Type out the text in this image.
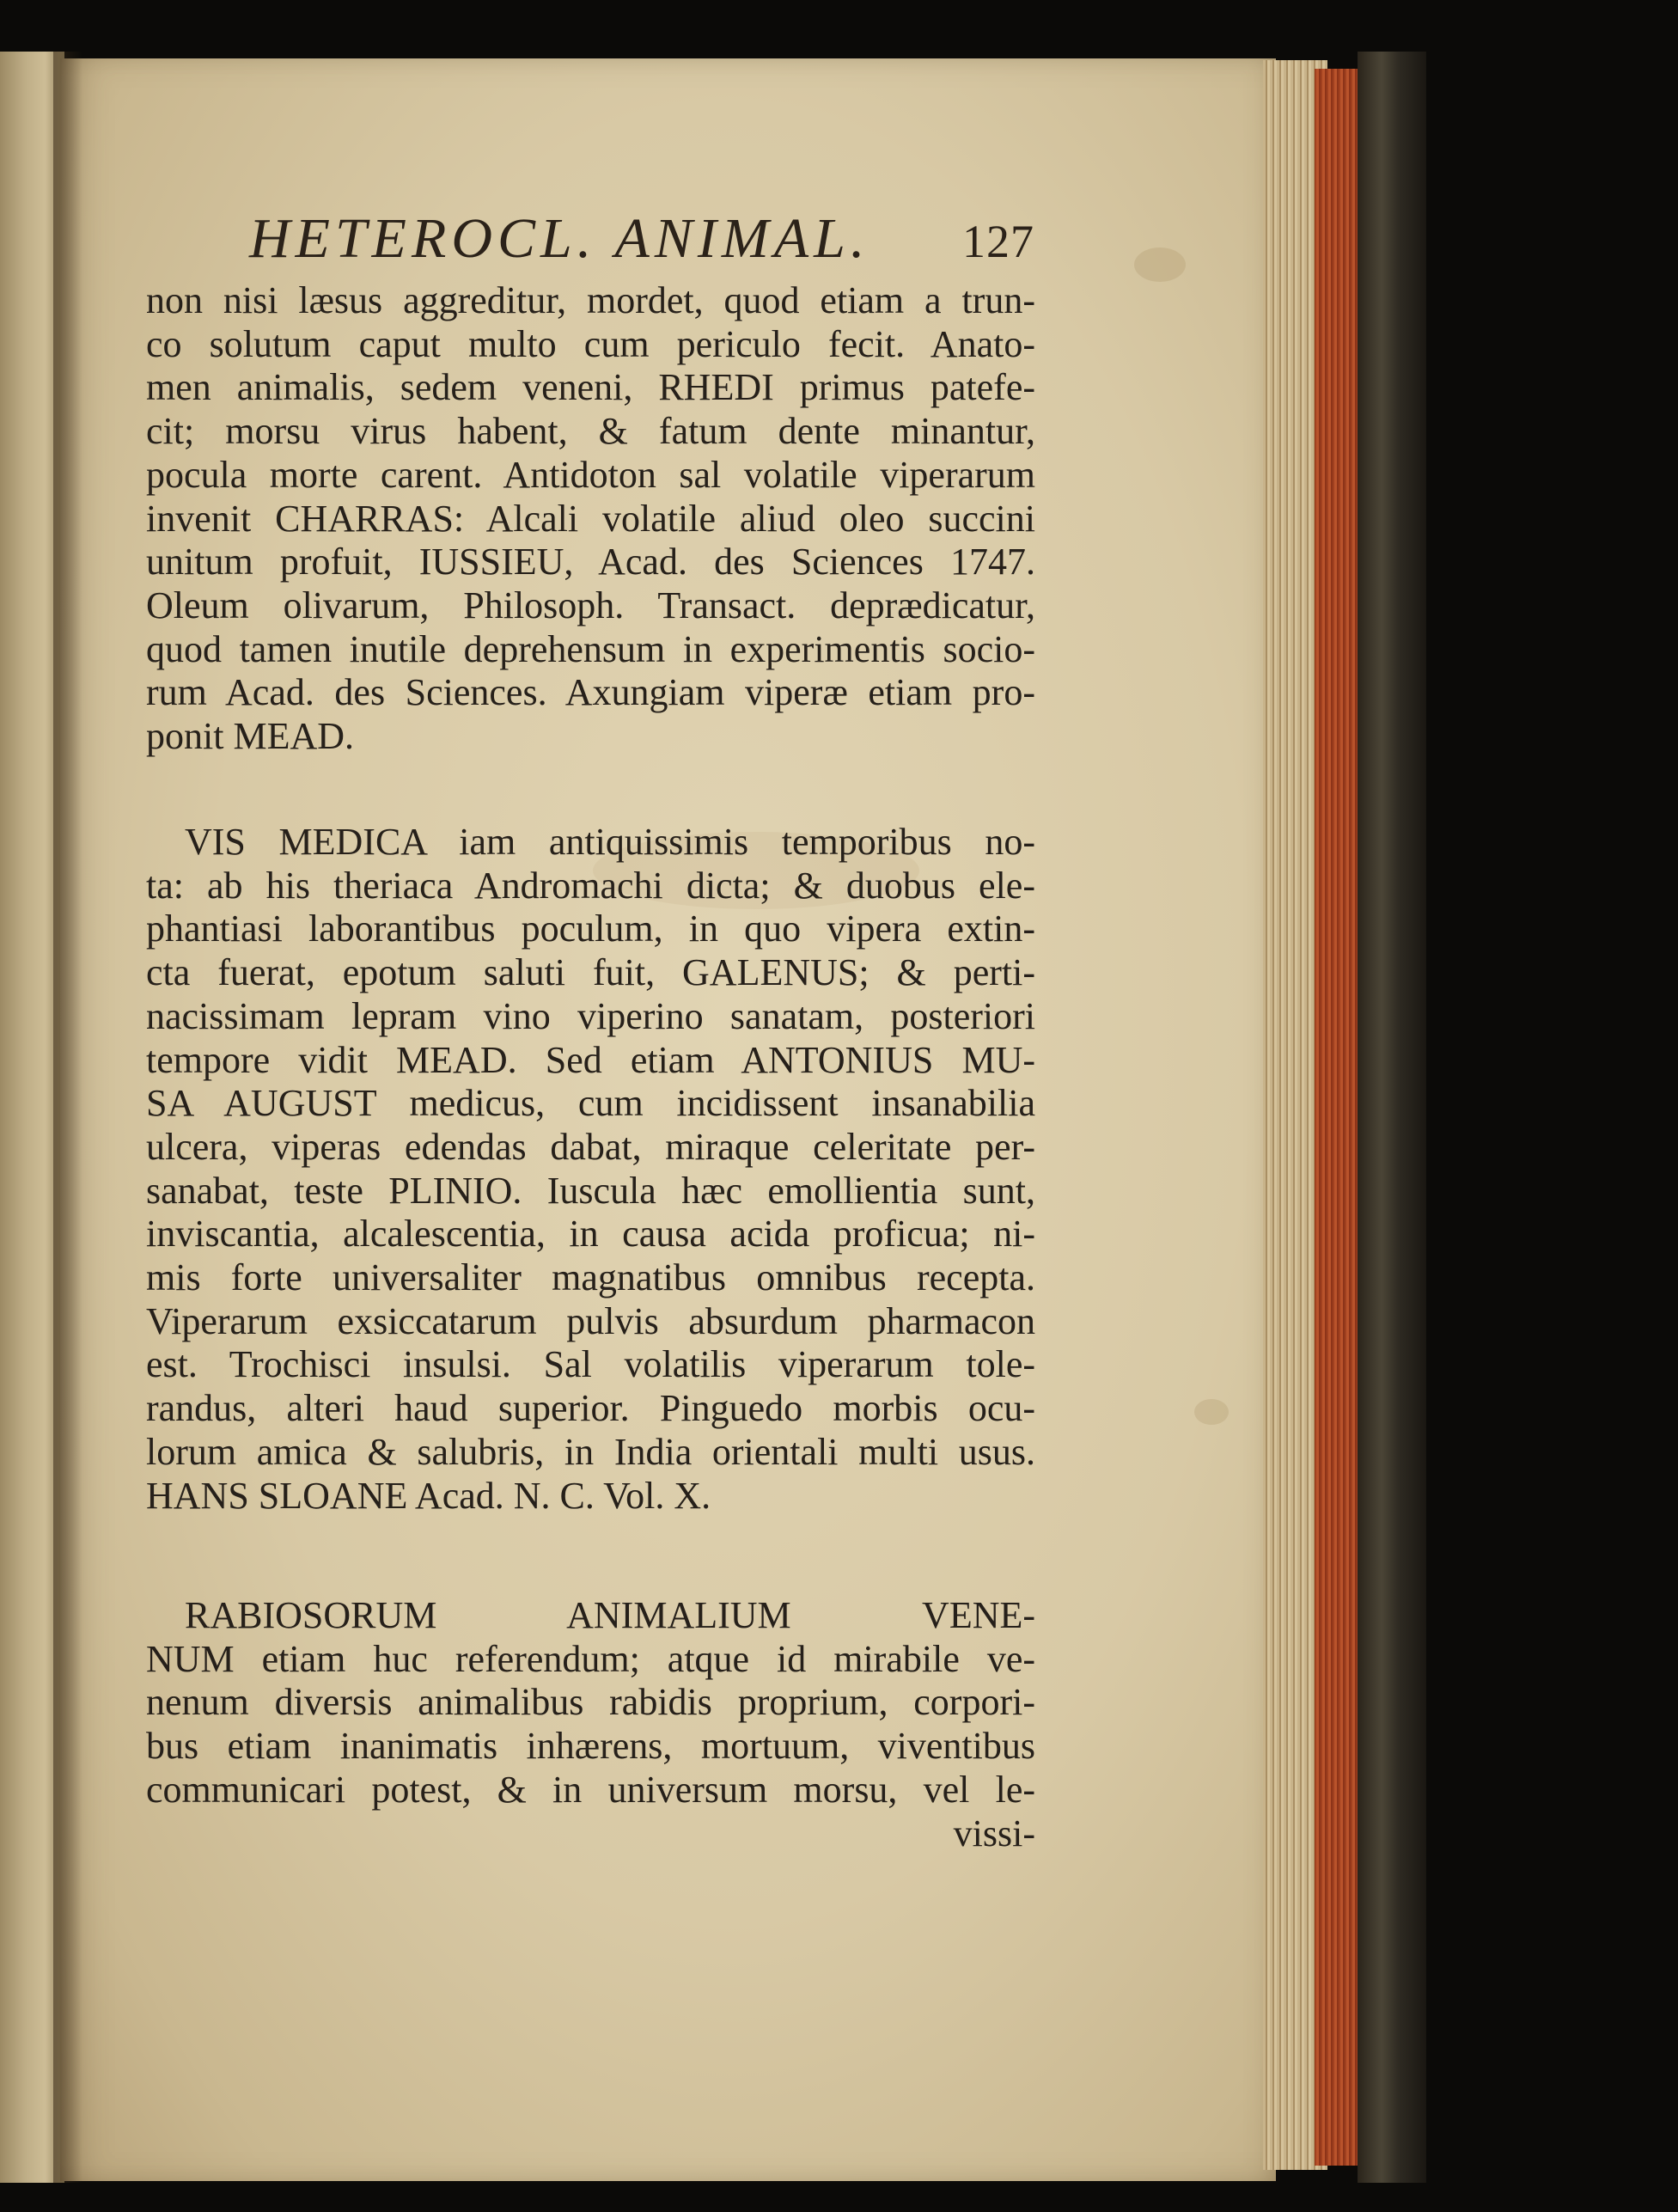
HETEROCL. ANIMAL.	127
non nisi læsus aggreditur, mordet, quod etiam a trun-
co solutum caput multo cum periculo fecit. Anato-
men animalis, sedem veneni, RHEDI primus patefe-
cit; morsu virus habent, & fatum dente minantur,
pocula morte carent. Antidoton sal volatile viperarum
invenit CHARRAS: Alcali volatile aliud oleo succini
unitum profuit, IUSSIEU, Acad. des Sciences 1747.
Oleum olivarum, Philosoph. Transact. deprædicatur,
quod tamen inutile deprehensum in experimentis socio-
rum Acad. des Sciences. Axungiam viperæ etiam pro-
ponit MEAD.
VIS MEDICA iam antiquissimis temporibus no-
ta: ab his theriaca Andromachi dicta; & duobus ele-
phantiasi laborantibus poculum, in quo vipera extin-
cta fuerat, epotum saluti fuit, GALENUS; & perti-
nacissimam lepram vino viperino sanatam, posteriori
tempore vidit MEAD. Sed etiam ANTONIUS MU-
SA AUGUST medicus, cum incidissent insanabilia
ulcera, viperas edendas dabat, miraque celeritate per-
sanabat, teste PLINIO. Iuscula hæc emollientia sunt,
inviscantia, alcalescentia, in causa acida proficua; ni-
mis forte universaliter magnatibus omnibus recepta.
Viperarum exsiccatarum pulvis absurdum pharmacon
est. Trochisci insulsi. Sal volatilis viperarum tole-
randus, alteri haud superior. Pinguedo morbis ocu-
lorum amica & salubris, in India orientali multi usus.
HANS SLOANE Acad. N. C. Vol. X.
RABIOSORUM ANIMALIUM VENE-
NUM etiam huc referendum; atque id mirabile ve-
nenum diversis animalibus rabidis proprium, corpori-
bus etiam inanimatis inhærens, mortuum, viventibus
communicari potest, & in universum morsu, vel le-
vissi-
